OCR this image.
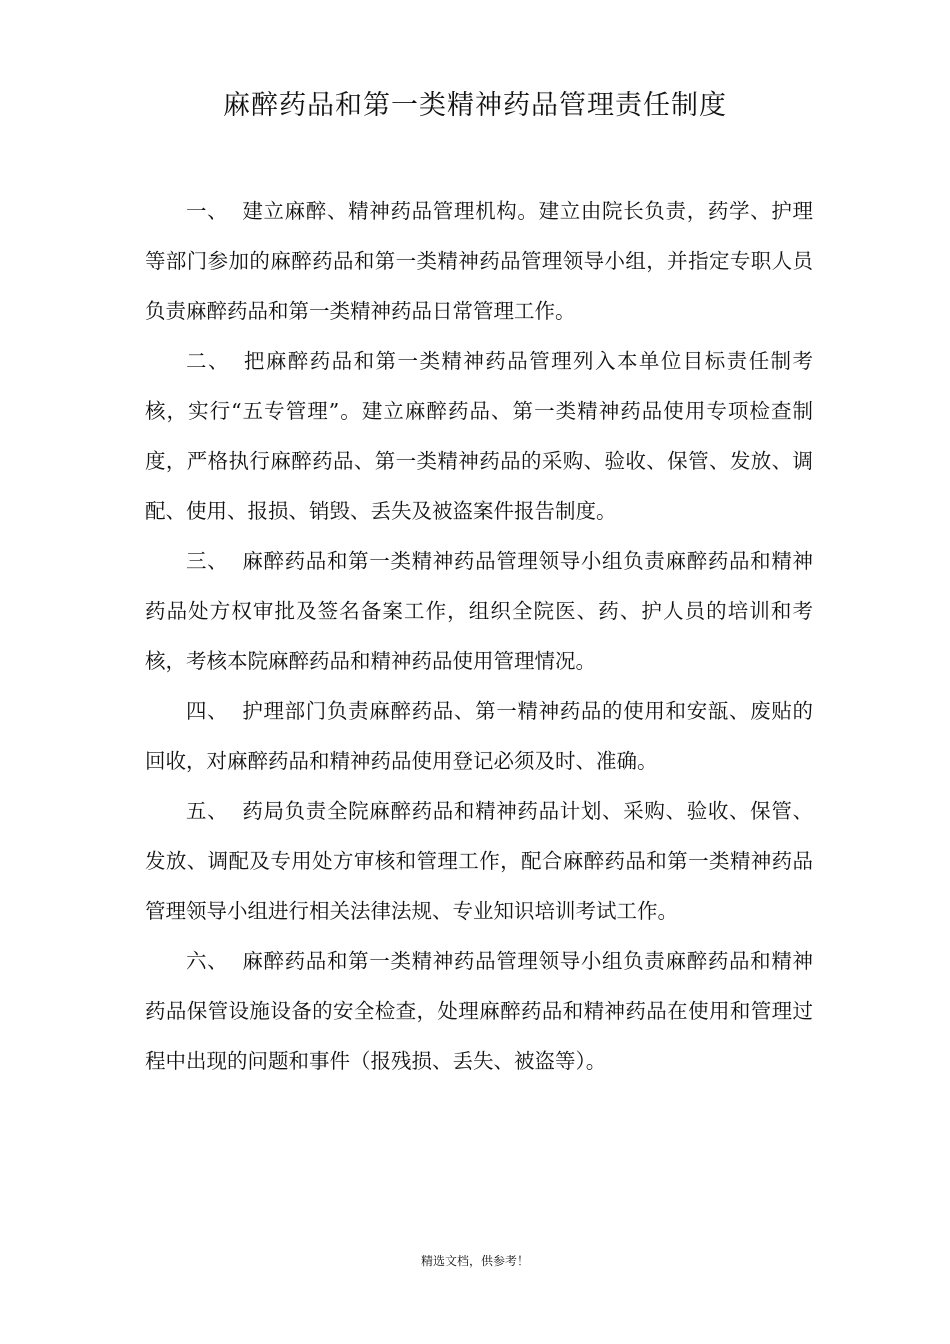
麻醉药品和第一类精神药品管理责任制度

一、 建立麻醉、精神药品管理机构。建立由院长负责，药学、护理等部门参加的麻醉药品和第一类精神药品管理领导小组，并指定专职人员负责麻醉药品和第一类精神药品日常管理工作。

二、 把麻醉药品和第一类精神药品管理列入本单位目标责任制考核，实行“五专管理”。建立麻醉药品、第一类精神药品使用专项检查制度，严格执行麻醉药品、第一类精神药品的采购、验收、保管、发放、调配、使用、报损、销毁、丢失及被盗案件报告制度。

三、 麻醉药品和第一类精神药品管理领导小组负责麻醉药品和精神药品处方权审批及签名备案工作，组织全院医、药、护人员的培训和考核，考核本院麻醉药品和精神药品使用管理情况。

四、 护理部门负责麻醉药品、第一精神药品的使用和安瓿、废贴的回收，对麻醉药品和精神药品使用登记必须及时、准确。

五、 药局负责全院麻醉药品和精神药品计划、采购、验收、保管、发放、调配及专用处方审核和管理工作，配合麻醉药品和第一类精神药品管理领导小组进行相关法律法规、专业知识培训考试工作。

六、 麻醉药品和第一类精神药品管理领导小组负责麻醉药品和精神药品保管设施设备的安全检查，处理麻醉药品和精神药品在使用和管理过程中出现的问题和事件（报残损、丢失、被盗等）。

精选文档，供参考！
